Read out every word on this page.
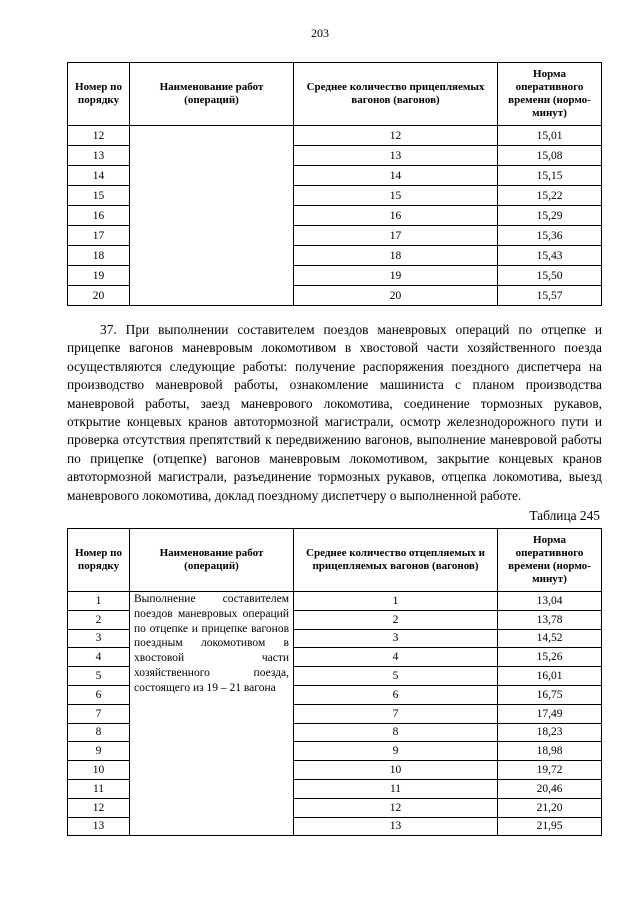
203
Номер по порядку	Наименование работ (операций)	Среднее количество прицепляемых вагонов (вагонов)	Норма оперативного времени (нормо-минут)
12		12	15,01
13		13	15,08
14		14	15,15
15		15	15,22
16		16	15,29
17		17	15,36
18		18	15,43
19		19	15,50
20		20	15,57

37. При выполнении составителем поездов маневровых операций по отцепке и прицепке вагонов маневровым локомотивом в хвостовой части хозяйственного поезда осуществляются следующие работы: получение распоряжения поездного диспетчера на производство маневровой работы, ознакомление машиниста с планом производства маневровой работы, заезд маневрового локомотива, соединение тормозных рукавов, открытие концевых кранов автотормозной магистрали, осмотр железнодорожного пути и проверка отсутствия препятствий к передвижению вагонов, выполнение маневровой работы по прицепке (отцепке) вагонов маневровым локомотивом, закрытие концевых кранов автотормозной магистрали, разъединение тормозных рукавов, отцепка локомотива, выезд маневрового локомотива, доклад поездному диспетчеру о выполненной работе.

Таблица 245
Номер по порядку	Наименование работ (операций)	Среднее количество отцепляемых и прицепляемых вагонов (вагонов)	Норма оперативного времени (нормо-минут)
1	Выполнение составителем поездов маневровых операций по отцепке и прицепке вагонов поездным локомотивом в хвостовой части хозяйственного поезда, состоящего из 19 – 21 вагона	1	13,04
2		2	13,78
3		3	14,52
4		4	15,26
5		5	16,01
6		6	16,75
7		7	17,49
8		8	18,23
9		9	18,98
10		10	19,72
11		11	20,46
12		12	21,20
13		13	21,95
